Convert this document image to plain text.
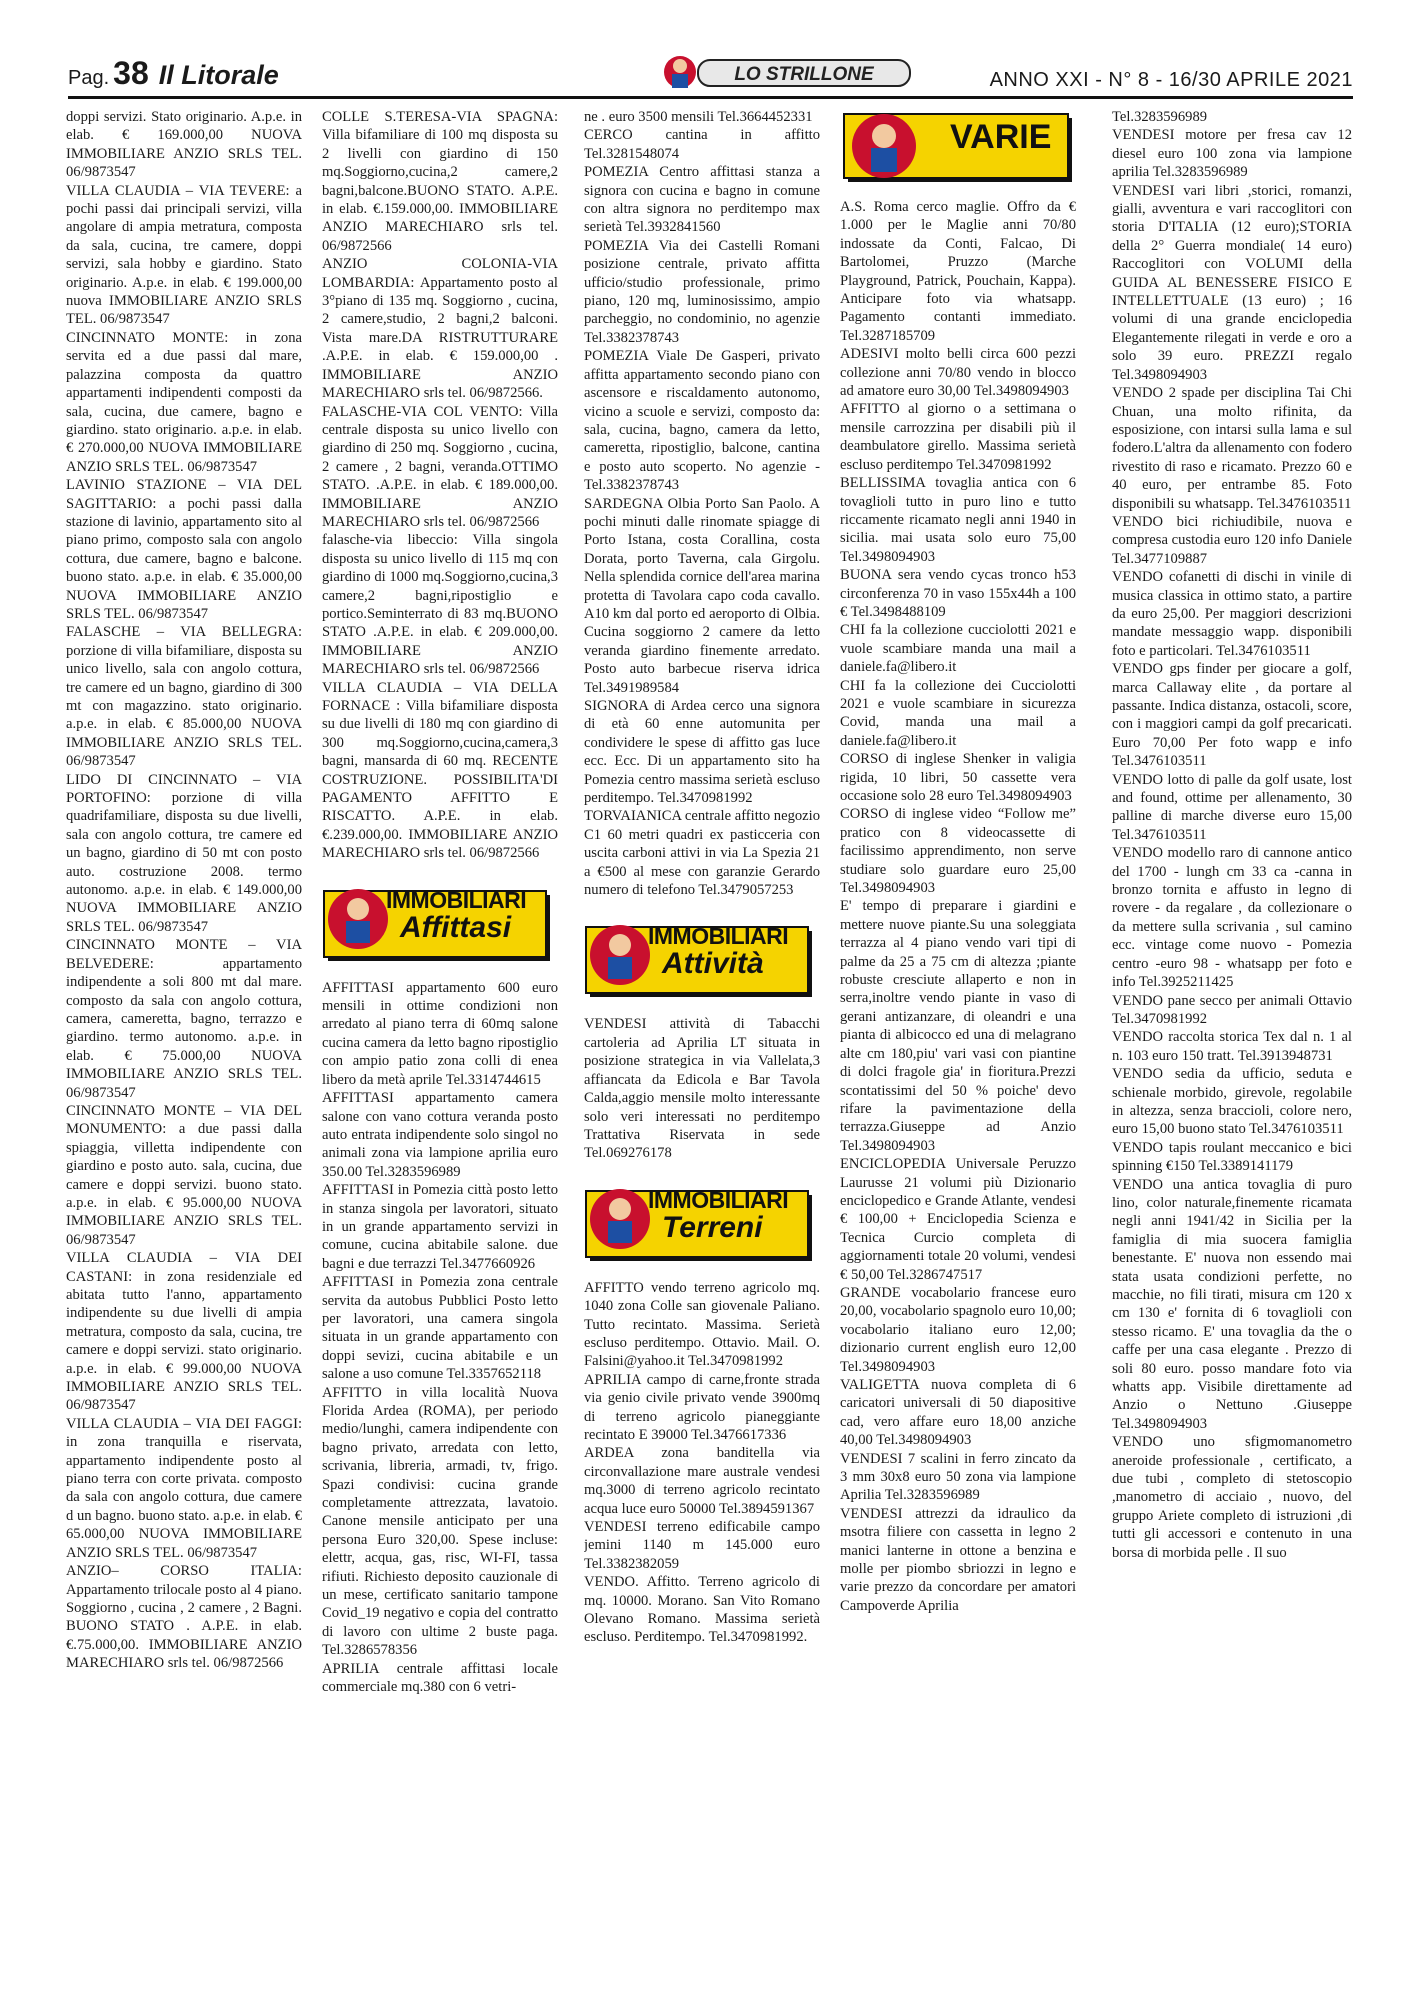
Pag. 38 Il Litorale	LO STRILLONE	ANNO XXI - N° 8 - 16/30 APRILE 2021

doppi servizi. Stato originario. A.p.e. in elab. € 169.000,00 NUOVA IMMOBILIARE ANZIO SRLS TEL. 06/9873547

VILLA CLAUDIA – VIA TEVERE: a pochi passi dai principali servizi, villa angolare di ampia metratura, composta da sala, cucina, tre camere, doppi servizi, sala hobby e giardino. Stato originario. A.p.e. in elab. € 199.000,00 nuova IMMOBILIARE ANZIO SRLS TEL. 06/9873547

CINCINNATO MONTE: in zona servita ed a due passi dal mare, palazzina composta da quattro appartamenti indipendenti composti da sala, cucina, due camere, bagno e giardino. stato originario. a.p.e. in elab. € 270.000,00 NUOVA IMMOBILIARE ANZIO SRLS TEL. 06/9873547

LAVINIO STAZIONE – VIA DEL SAGITTARIO: a pochi passi dalla stazione di lavinio, appartamento sito al piano primo, composto sala con angolo cottura, due camere, bagno e balcone. buono stato. a.p.e. in elab. € 35.000,00 NUOVA IMMOBILIARE ANZIO SRLS TEL. 06/9873547

FALASCHE – VIA BELLEGRA: porzione di villa bifamiliare, disposta su unico livello, sala con angolo cottura, tre camere ed un bagno, giardino di 300 mt con magazzino. stato originario. a.p.e. in elab. € 85.000,00 NUOVA IMMOBILIARE ANZIO SRLS TEL. 06/9873547

LIDO DI CINCINNATO – VIA PORTOFINO: porzione di villa quadrifamiliare, disposta su due livelli, sala con angolo cottura, tre camere ed un bagno, giardino di 50 mt con posto auto. costruzione 2008. termo autonomo. a.p.e. in elab. € 149.000,00 NUOVA IMMOBILIARE ANZIO SRLS TEL. 06/9873547

CINCINNATO MONTE – VIA BELVEDERE: appartamento indipendente a soli 800 mt dal mare. composto da sala con angolo cottura, camera, cameretta, bagno, terrazzo e giardino. termo autonomo. a.p.e. in elab. € 75.000,00 NUOVA IMMOBILIARE ANZIO SRLS TEL. 06/9873547

CINCINNATO MONTE – VIA DEL MONUMENTO: a due passi dalla spiaggia, villetta indipendente con giardino e posto auto. sala, cucina, due camere e doppi servizi. buono stato. a.p.e. in elab. € 95.000,00 NUOVA IMMOBILIARE ANZIO SRLS TEL. 06/9873547

VILLA CLAUDIA – VIA DEI CASTANI: in zona residenziale ed abitata tutto l'anno, appartamento indipendente su due livelli di ampia metratura, composto da sala, cucina, tre camere e doppi servizi. stato originario. a.p.e. in elab. € 99.000,00 NUOVA IMMOBILIARE ANZIO SRLS TEL. 06/9873547

VILLA CLAUDIA – VIA DEI FAGGI: in zona tranquilla e riservata, appartamento indipendente posto al piano terra con corte privata. composto da sala con angolo cottura, due camere d un bagno. buono stato. a.p.e. in elab. € 65.000,00 NUOVA IMMOBILIARE ANZIO SRLS TEL. 06/9873547

ANZIO– CORSO ITALIA: Appartamento trilocale posto al 4 piano. Soggiorno , cucina , 2 camere , 2 Bagni. BUONO STATO . A.P.E. in elab. €.75.000,00. IMMOBILIARE ANZIO MARECHIARO srls tel. 06/9872566

COLLE S.TERESA-VIA SPAGNA: Villa bifamiliare di 100 mq disposta su 2 livelli con giardino di 150 mq.Soggiorno,cucina,2 camere,2 bagni,balcone.BUONO STATO. A.P.E. in elab. €.159.000,00. IMMOBILIARE ANZIO MARECHIARO srls tel. 06/9872566

ANZIO COLONIA-VIA LOMBARDIA: Appartamento posto al 3°piano di 135 mq. Soggiorno , cucina, 2 camere,studio, 2 bagni,2 balconi. Vista mare.DA RISTRUTTURARE .A.P.E. in elab. € 159.000,00 . IMMOBILIARE ANZIO MARECHIARO srls tel. 06/9872566.

FALASCHE-VIA COL VENTO: Villa centrale disposta su unico livello con giardino di 250 mq. Soggiorno , cucina, 2 camere , 2 bagni, veranda.OTTIMO STATO. .A.P.E. in elab. € 189.000,00. IMMOBILIARE ANZIO MARECHIARO srls tel. 06/9872566

falasche-via libeccio: Villa singola disposta su unico livello di 115 mq con giardino di 1000 mq.Soggiorno,cucina,3 camere,2 bagni,ripostiglio e portico.Seminterrato di 83 mq.BUONO STATO .A.P.E. in elab. € 209.000,00. IMMOBILIARE ANZIO MARECHIARO srls tel. 06/9872566

VILLA CLAUDIA – VIA DELLA FORNACE : Villa bifamiliare disposta su due livelli di 180 mq con giardino di 300 mq.Soggiorno,cucina,camera,3 bagni, mansarda di 60 mq. RECENTE COSTRUZIONE. POSSIBILITA'DI PAGAMENTO AFFITTO E RISCATTO. A.P.E. in elab. €.239.000,00. IMMOBILIARE ANZIO MARECHIARO srls tel. 06/9872566

IMMOBILIARI
Affittasi

AFFITTASI appartamento 600 euro mensili in ottime condizioni non arredato al piano terra di 60mq salone cucina camera da letto bagno ripostiglio con ampio patio zona colli di enea libero da metà aprile Tel.3314744615

AFFITTASI appartamento camera salone con vano cottura veranda posto auto entrata indipendente solo singol no animali zona via lampione aprilia euro 350.00 Tel.3283596989

AFFITTASI in Pomezia città posto letto in stanza singola per lavoratori, situato in un grande appartamento servizi in comune, cucina abitabile salone. due bagni e due terrazzi Tel.3477660926

AFFITTASI in Pomezia zona centrale servita da autobus Pubblici Posto letto per lavoratori, una camera singola situata in un grande appartamento con doppi sevizi, cucina abitabile e un salone a uso comune Tel.3357652118

AFFITTO in villa località Nuova Florida Ardea (ROMA), per periodo medio/lunghi, camera indipendente con bagno privato, arredata con letto, scrivania, libreria, armadi, tv, frigo. Spazi condivisi: cucina grande completamente attrezzata, lavatoio. Canone mensile anticipato per una persona Euro 320,00. Spese incluse: elettr, acqua, gas, risc, WI-FI, tassa rifiuti. Richiesto deposito cauzionale di un mese, certificato sanitario tampone Covid_19 negativo e copia del contratto di lavoro con ultime 2 buste paga. Tel.3286578356

APRILIA centrale affittasi locale commerciale mq.380 con 6 vetri-

ne . euro 3500 mensili Tel.3664452331

CERCO cantina in affitto Tel.3281548074

POMEZIA Centro affittasi stanza a signora con cucina e bagno in comune con altra signora no perditempo max serietà Tel.3932841560

POMEZIA Via dei Castelli Romani posizione centrale, privato affitta ufficio/studio professionale, primo piano, 120 mq, luminosissimo, ampio parcheggio, no condominio, no agenzie Tel.3382378743

POMEZIA Viale De Gasperi, privato affitta appartamento secondo piano con ascensore e riscaldamento autonomo, vicino a scuole e servizi, composto da: sala, cucina, bagno, camera da letto, cameretta, ripostiglio, balcone, cantina e posto auto scoperto. No agenzie - Tel.3382378743

SARDEGNA Olbia Porto San Paolo. A pochi minuti dalle rinomate spiagge di Porto Istana, costa Corallina, costa Dorata, porto Taverna, cala Girgolu. Nella splendida cornice dell'area marina protetta di Tavolara capo coda cavallo. A10 km dal porto ed aeroporto di Olbia. Cucina soggiorno 2 camere da letto veranda giardino finemente arredato. Posto auto barbecue riserva idrica Tel.3491989584

SIGNORA di Ardea cerco una signora di età 60 enne automunita per condividere le spese di affitto gas luce ecc. Ecc. Di un appartamento sito ha Pomezia centro massima serietà escluso perditempo. Tel.3470981992

TORVAIANICA centrale affitto negozio C1 60 metri quadri ex pasticceria con uscita carboni attivi in via La Spezia 21 a €500 al mese con garanzie Gerardo numero di telefono Tel.3479057253

IMMOBILIARI
Attività

VENDESI attività di Tabacchi cartoleria ad Aprilia LT situata in posizione strategica in via Vallelata,3 affiancata da Edicola e Bar Tavola Calda,aggio mensile molto interessante solo veri interessati no perditempo Trattativa Riservata in sede Tel.069276178

IMMOBILIARI
Terreni

AFFITTO vendo terreno agricolo mq. 1040 zona Colle san giovenale Paliano. Tutto recintato. Massima. Serietà escluso perditempo. Ottavio. Mail. O. Falsini@yahoo.it Tel.3470981992

APRILIA campo di carne,fronte strada via genio civile privato vende 3900mq di terreno agricolo pianeggiante recintato E 39000 Tel.3476617336

ARDEA zona banditella via circonvallazione mare australe vendesi mq.3000 di terreno agricolo recintato acqua luce euro 50000 Tel.3894591367

VENDESI terreno edificabile campo jemini 1140 m 145.000 euro Tel.3382382059

VENDO. Affitto. Terreno agricolo di mq. 10000. Morano. San Vito Romano Olevano Romano. Massima serietà escluso. Perditempo. Tel.3470981992.

VARIE

A.S. Roma cerco maglie. Offro da € 1.000 per le Maglie anni 70/80 indossate da Conti, Falcao, Di Bartolomei, Pruzzo (Marche Playground, Patrick, Pouchain, Kappa). Anticipare foto via whatsapp. Pagamento contanti immediato. Tel.3287185709

ADESIVI molto belli circa 600 pezzi collezione anni 70/80 vendo in blocco ad amatore euro 30,00 Tel.3498094903

AFFITTO al giorno o a settimana o mensile carrozzina per disabili più il deambulatore girello. Massima serietà escluso perditempo Tel.3470981992

BELLISSIMA tovaglia antica con 6 tovaglioli tutto in puro lino e tutto riccamente ricamato negli anni 1940 in sicilia. mai usata solo euro 75,00 Tel.3498094903

BUONA sera vendo cycas tronco h53 circonferenza 70 in vaso 155x44h a 100 € Tel.3498488109

CHI fa la collezione cucciolotti 2021 e vuole scambiare manda una mail a daniele.fa@libero.it

CHI fa la collezione dei Cucciolotti 2021 e vuole scambiare in sicurezza Covid, manda una mail a daniele.fa@libero.it

CORSO di inglese Shenker in valigia rigida, 10 libri, 50 cassette vera occasione solo 28 euro Tel.3498094903

CORSO di inglese video “Follow me” pratico con 8 videocassette di facilissimo apprendimento, non serve studiare solo guardare euro 25,00 Tel.3498094903

E' tempo di preparare i giardini e mettere nuove piante.Su una soleggiata terrazza al 4 piano vendo vari tipi di palme da 25 a 75 cm di altezza ;piante robuste cresciute allaperto e non in serra,inoltre vendo piante in vaso di gerani antizanzare, di oleandri e una pianta di albicocco ed una di melagrano alte cm 180,piu' vari vasi con piantine di dolci fragole gia' in fioritura.Prezzi scontatissimi del 50 % poiche' devo rifare la pavimentazione della terrazza.Giuseppe ad Anzio Tel.3498094903

ENCICLOPEDIA Universale Peruzzo Laurusse 21 volumi più Dizionario enciclopedico e Grande Atlante, vendesi € 100,00 + Enciclopedia Scienza e Tecnica Curcio completa di aggiornamenti totale 20 volumi, vendesi € 50,00 Tel.3286747517

GRANDE vocabolario francese euro 20,00, vocabolario spagnolo euro 10,00; vocabolario italiano euro 12,00; dizionario current english euro 12,00 Tel.3498094903

VALIGETTA nuova completa di 6 caricatori universali di 50 diapositive cad, vero affare euro 18,00 anziche 40,00 Tel.3498094903

VENDESI 7 scalini in ferro zincato da 3 mm 30x8 euro 50 zona via lampione Aprilia Tel.3283596989

VENDESI attrezzi da idraulico da msotra filiere con cassetta in legno 2 manici lanterne in ottone a benzina e molle per piombo sbriozzi in legno e varie prezzo da concordare per amatori Campoverde Aprilia

Tel.3283596989

VENDESI motore per fresa cav 12 diesel euro 100 zona via lampione aprilia Tel.3283596989

VENDESI vari libri ,storici, romanzi, gialli, avventura e vari raccoglitori con storia D'ITALIA (12 euro);STORIA della 2° Guerra mondiale( 14 euro) Raccoglitori con VOLUMI della GUIDA AL BENESSERE FISICO E INTELLETTUALE (13 euro) ; 16 volumi di una grande enciclopedia Elegantemente rilegati in verde e oro a solo 39 euro. PREZZI regalo Tel.3498094903

VENDO 2 spade per disciplina Tai Chi Chuan, una molto rifinita, da esposizione, con intarsi sulla lama e sul fodero.L'altra da allenamento con fodero rivestito di raso e ricamato. Prezzo 60 e 40 euro, per entrambe 85. Foto disponibili su whatsapp. Tel.3476103511

VENDO bici richiudibile, nuova e compresa custodia euro 120 info Daniele Tel.3477109887

VENDO cofanetti di dischi in vinile di musica classica in ottimo stato, a partire da euro 25,00. Per maggiori descrizioni mandate messaggio wapp. disponibili foto e particolari. Tel.3476103511

VENDO gps finder per giocare a golf, marca Callaway elite , da portare al passante. Indica distanza, ostacoli, score, con i maggiori campi da golf precaricati. Euro 70,00 Per foto wapp e info Tel.3476103511

VENDO lotto di palle da golf usate, lost and found, ottime per allenamento, 30 palline di marche diverse euro 15,00 Tel.3476103511

VENDO modello raro di cannone antico del 1700 - lungh cm 33 ca -canna in bronzo tornita e affusto in legno di rovere - da regalare , da collezionare o da mettere sulla scrivania , sul camino ecc. vintage come nuovo - Pomezia centro -euro 98 - whatsapp per foto e info Tel.3925211425

VENDO pane secco per animali Ottavio Tel.3470981992

VENDO raccolta storica Tex dal n. 1 al n. 103 euro 150 tratt. Tel.3913948731

VENDO sedia da ufficio, seduta e schienale morbido, girevole, regolabile in altezza, senza braccioli, colore nero, euro 15,00 buono stato Tel.3476103511

VENDO tapis roulant meccanico e bici spinning €150 Tel.3389141179

VENDO una antica tovaglia di puro lino, color naturale,finemente ricamata negli anni 1941/42 in Sicilia per la famiglia di mia suocera famiglia benestante. E' nuova non essendo mai stata usata condizioni perfette, no macchie, no fili tirati, misura cm 120 x cm 130 e' fornita di 6 tovaglioli con stesso ricamo. E' una tovaglia da the o caffe per una casa elegante . Prezzo di soli 80 euro. posso mandare foto via whatts app. Visibile direttamente ad Anzio o Nettuno .Giuseppe Tel.3498094903

VENDO uno sfigmomanometro aneroide professionale , certificato, a due tubi , completo di stetoscopio ,manometro di acciaio , nuovo, del gruppo Ariete completo di istruzioni ,di tutti gli accessori e contenuto in una borsa di morbida pelle . Il suo
